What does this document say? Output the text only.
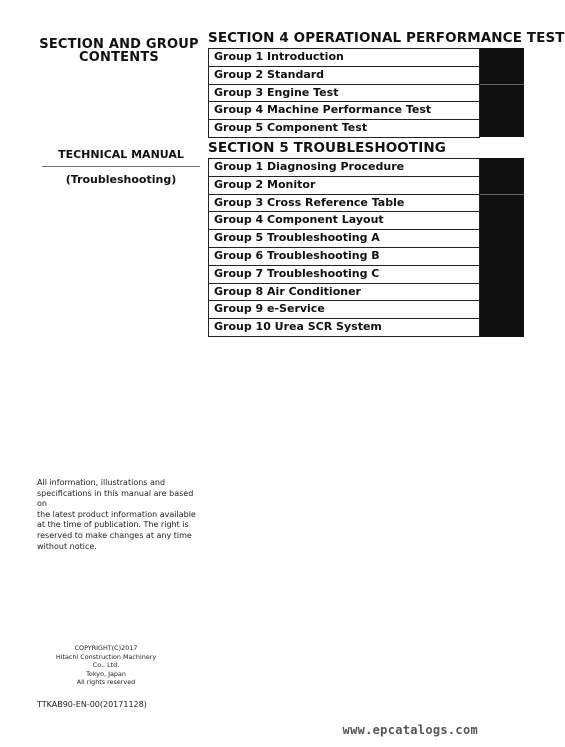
SECTION AND GROUP
CONTENTS
TECHNICAL MANUAL
(Troubleshooting)
SECTION 4 OPERATIONAL PERFORMANCE TEST
Group 1 Introduction
Group 2 Standard
Group 3 Engine Test
Group 4 Machine Performance Test
Group 5 Component Test
SECTION 5 TROUBLESHOOTING
Group 1 Diagnosing Procedure
Group 2 Monitor
Group 3 Cross Reference Table
Group 4 Component Layout
Group 5 Troubleshooting A
Group 6 Troubleshooting B
Group 7 Troubleshooting C
Group 8 Air Conditioner
Group 9 e-Service
Group 10 Urea SCR System
All information, illustrations and
specifications in this manual are based on
the latest product information available
at the time of publication. The right is
reserved to make changes at any time
without notice.
COPYRIGHT(C)2017
Hitachi Construction Machinery Co., Ltd.
Tokyo, Japan
All rights reserved
TTKAB90-EN-00(20171128)
www.epcatalogs.com
